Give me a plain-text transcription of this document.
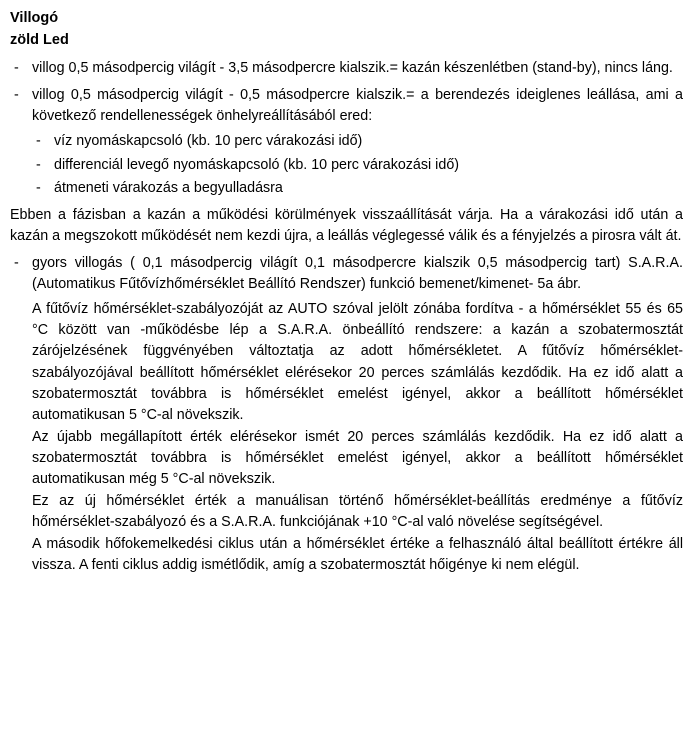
Villogó
zöld Led
- villog 0,5 másodpercig világít - 3,5 másodpercre kialszik.= kazán készenlétben (stand-by), nincs láng.
- villog 0,5 másodpercig világít - 0,5 másodpercre kialszik.= a berendezés ideiglenes leállása, ami a következő rendellenességek önhelyreállításából ered:
- víz nyomáskapcsoló (kb. 10 perc várakozási idő)
- differenciál levegő nyomáskapcsoló (kb. 10 perc várakozási idő)
- átmeneti várakozás a begyulladásra

Ebben a fázisban a kazán a működési körülmények visszaállítását várja. Ha a várakozási idő után a kazán a megszokott működését nem kezdi újra, a leállás véglegessé válik és a fényjelzés a pirosra vált át.

- gyors villogás ( 0,1 másodpercig világít 0,1 másodpercre kialszik 0,5 másodpercig tart) S.A.R.A. (Automatikus Fűtővízhőmérséklet Beállító Rendszer) funkció bemenet/kimenet- 5a ábr.

A fűtővíz hőmérséklet-szabályozóját az AUTO szóval jelölt zónába fordítva - a hőmérséklet 55 és 65 °C között van -működésbe lép a S.A.R.A. önbeállító rendszere: a kazán a szobatermosztát zárójelzésének függvényében változtatja az adott hőmérsékletet. A fűtővíz hőmérséklet-szabályozójával beállított hőmérséklet elérésekor 20 perces számlálás kezdődik. Ha ez idő alatt a szobatermosztát továbbra is hőmérséklet emelést igényel, akkor a beállított hőmérséklet automatikusan 5 °C-al növekszik.

Az újabb megállapított érték elérésekor ismét 20 perces számlálás kezdődik. Ha ez idő alatt a szobatermosztát továbbra is hőmérséklet emelést igényel, akkor a beállított hőmérséklet automatikusan még 5 °C-al növekszik.

Ez az új hőmérséklet érték a manuálisan történő hőmérséklet-beállítás eredménye a fűtővíz hőmérséklet-szabályozó és a S.A.R.A. funkciójának +10 °C-al való növelése segítségével.

A második hőfokemelkedési ciklus után a hőmérséklet értéke a felhasználó által beállított értékre áll vissza. A fenti ciklus addig ismétlődik, amíg a szobatermosztát hőigénye ki nem elégül.
